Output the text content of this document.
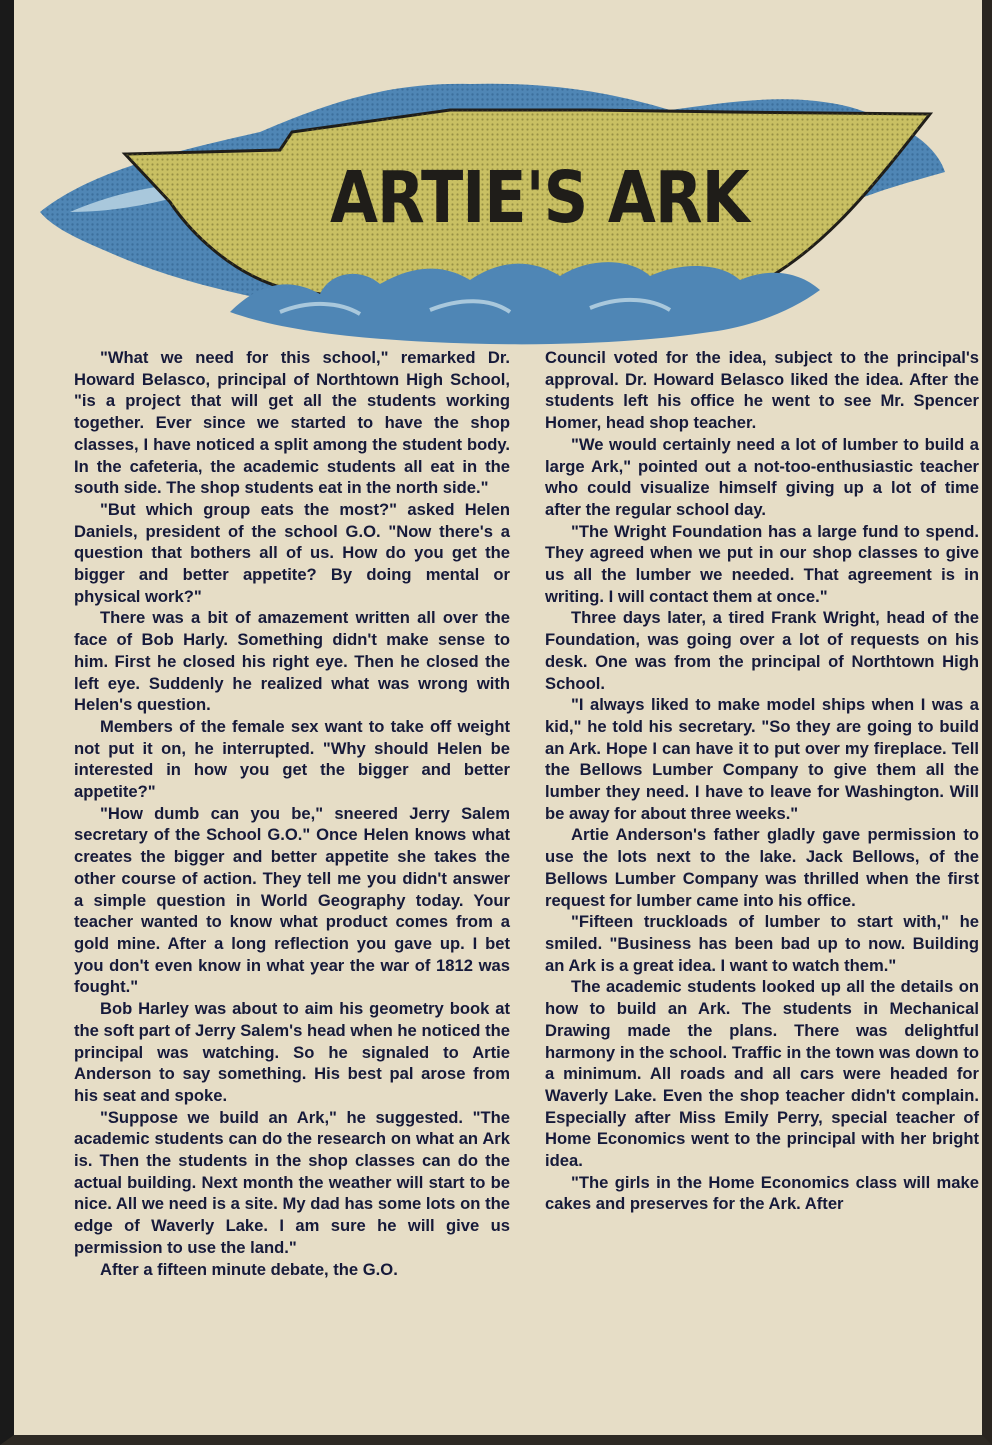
ARTIE'S ARK

"What we need for this school," remarked Dr. Howard Belasco, principal of Northtown High School, "is a project that will get all the students working together. Ever since we started to have the shop classes, I have noticed a split among the student body. In the cafeteria, the academic students all eat in the south side. The shop students eat in the north side."

"But which group eats the most?" asked Helen Daniels, president of the school G.O. "Now there's a question that bothers all of us. How do you get the bigger and better appetite? By doing mental or physical work?"

There was a bit of amazement written all over the face of Bob Harly. Something didn't make sense to him. First he closed his right eye. Then he closed the left eye. Suddenly he realized what was wrong with Helen's question.

Members of the female sex want to take off weight not put it on, he interrupted. "Why should Helen be interested in how you get the bigger and better appetite?"

"How dumb can you be," sneered Jerry Salem secretary of the School G.O." Once Helen knows what creates the bigger and better appetite she takes the other course of action. They tell me you didn't answer a simple question in World Geography today. Your teacher wanted to know what product comes from a gold mine. After a long reflection you gave up. I bet you don't even know in what year the war of 1812 was fought."

Bob Harley was about to aim his geometry book at the soft part of Jerry Salem's head when he noticed the principal was watching. So he signaled to Artie Anderson to say something. His best pal arose from his seat and spoke.

"Suppose we build an Ark," he suggested. "The academic students can do the research on what an Ark is. Then the students in the shop classes can do the actual building. Next month the weather will start to be nice. All we need is a site. My dad has some lots on the edge of Waverly Lake. I am sure he will give us permission to use the land."

After a fifteen minute debate, the G.O.

Council voted for the idea, subject to the principal's approval. Dr. Howard Belasco liked the idea. After the students left his office he went to see Mr. Spencer Homer, head shop teacher.

"We would certainly need a lot of lumber to build a large Ark," pointed out a not-too-enthusiastic teacher who could visualize himself giving up a lot of time after the regular school day.

"The Wright Foundation has a large fund to spend. They agreed when we put in our shop classes to give us all the lumber we needed. That agreement is in writing. I will contact them at once."

Three days later, a tired Frank Wright, head of the Foundation, was going over a lot of requests on his desk. One was from the principal of Northtown High School.

"I always liked to make model ships when I was a kid," he told his secretary. "So they are going to build an Ark. Hope I can have it to put over my fireplace. Tell the Bellows Lumber Company to give them all the lumber they need. I have to leave for Washington. Will be away for about three weeks."

Artie Anderson's father gladly gave permission to use the lots next to the lake. Jack Bellows, of the Bellows Lumber Company was thrilled when the first request for lumber came into his office.

"Fifteen truckloads of lumber to start with," he smiled. "Business has been bad up to now. Building an Ark is a great idea. I want to watch them."

The academic students looked up all the details on how to build an Ark. The students in Mechanical Drawing made the plans. There was delightful harmony in the school. Traffic in the town was down to a minimum. All roads and all cars were headed for Waverly Lake. Even the shop teacher didn't complain. Especially after Miss Emily Perry, special teacher of Home Economics went to the principal with her bright idea.

"The girls in the Home Economics class will make cakes and preserves for the Ark. After
